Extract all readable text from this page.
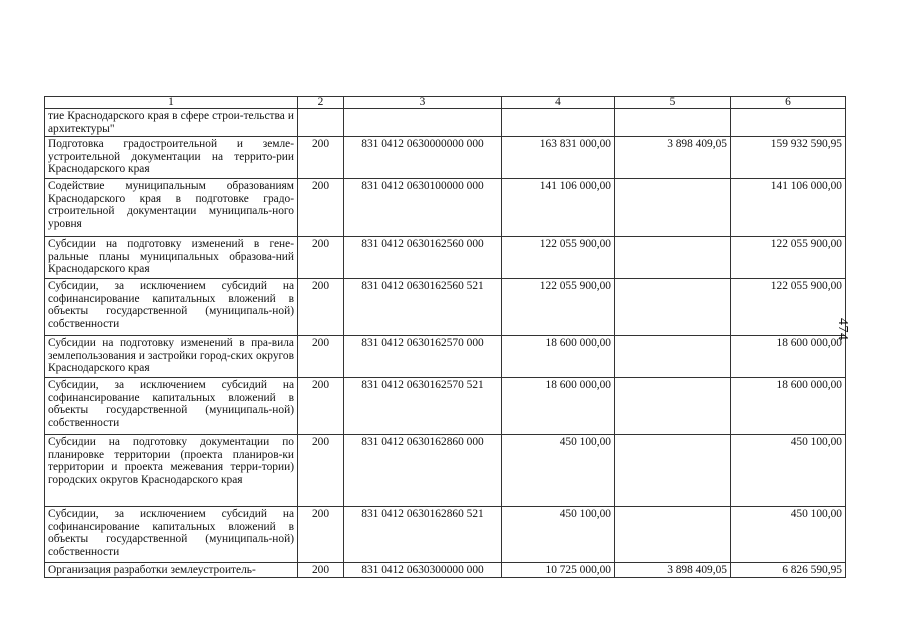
1	2	3	4	5	6
тие Краснодарского края в сфере строи-тельства и архитектуры"					
Подготовка градостроительной и земле-устроительной документации на террито-рии Краснодарского края	200	831 0412 0630000000 000	163 831 000,00	3 898 409,05	159 932 590,95
Содействие муниципальным образованиям Краснодарского края в подготовке градо-строительной документации муниципаль-ного уровня	200	831 0412 0630100000 000	141 106 000,00		141 106 000,00
Субсидии на подготовку изменений в гене-ральные планы муниципальных образова-ний Краснодарского края	200	831 0412 0630162560 000	122 055 900,00		122 055 900,00
Субсидии, за исключением субсидий на софинансирование капитальных вложений в объекты государственной (муниципаль-ной) собственности	200	831 0412 0630162560 521	122 055 900,00		122 055 900,00
Субсидии на подготовку изменений в пра-вила землепользования и застройки город-ских округов Краснодарского края	200	831 0412 0630162570 000	18 600 000,00		18 600 000,00
Субсидии, за исключением субсидий на софинансирование капитальных вложений в объекты государственной (муниципаль-ной) собственности	200	831 0412 0630162570 521	18 600 000,00		18 600 000,00
Субсидии на подготовку документации по планировке территории (проекта планиров-ки территории и проекта межевания терри-тории) городских округов Краснодарского края	200	831 0412 0630162860 000	450 100,00		450 100,00
Субсидии, за исключением субсидий на софинансирование капитальных вложений в объекты государственной (муниципаль-ной) собственности	200	831 0412 0630162860 521	450 100,00		450 100,00
Организация разработки землеустроитель-	200	831 0412 0630300000 000	10 725 000,00	3 898 409,05	6 826 590,95
474
